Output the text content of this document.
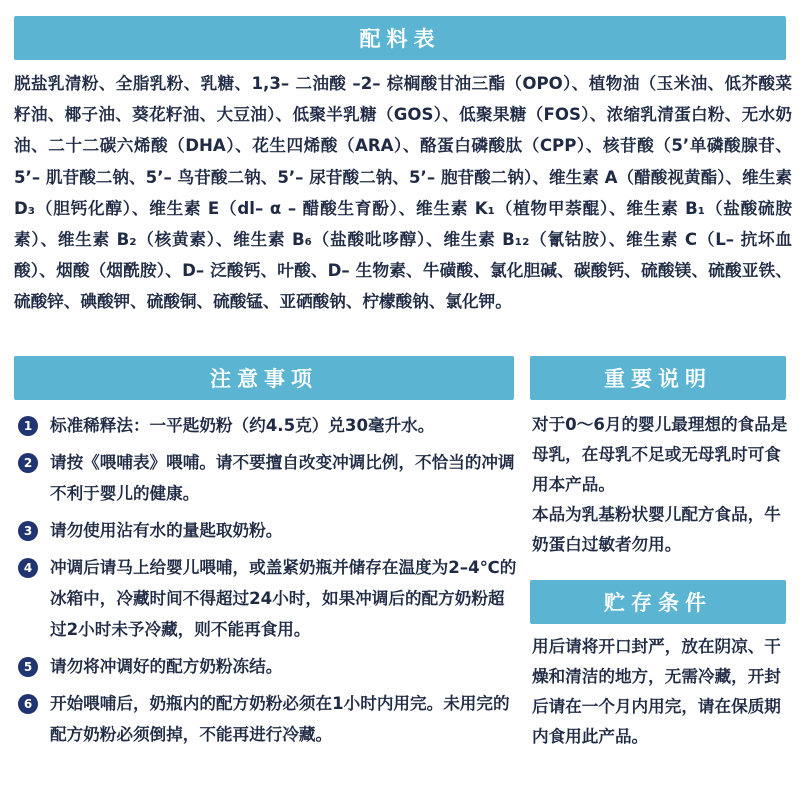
配料表
脱盐乳清粉、全脂乳粉、乳糖、1,3– 二油酸 –2– 棕榈酸甘油三酯（OPO）、植物油（玉米油、低芥酸菜籽油、椰子油、葵花籽油、大豆油）、低聚半乳糖（GOS）、低聚果糖（FOS）、浓缩乳清蛋白粉、无水奶油、二十二碳六烯酸（DHA）、花生四烯酸（ARA）、酪蛋白磷酸肽（CPP）、核苷酸（5’单磷酸腺苷、5’– 肌苷酸二钠、5’– 鸟苷酸二钠、5’– 尿苷酸二钠、5’– 胞苷酸二钠）、维生素 A（醋酸视黄酯）、维生素 D₃（胆钙化醇）、维生素 E（dl– α – 醋酸生育酚）、维生素 K₁（植物甲萘醌）、维生素 B₁（盐酸硫胺素）、维生素 B₂（核黄素）、维生素 B₆（盐酸吡哆醇）、维生素 B₁₂（氰钴胺）、维生素 C（L– 抗坏血酸）、烟酸（烟酰胺）、D– 泛酸钙、叶酸、D– 生物素、牛磺酸、氯化胆碱、碳酸钙、硫酸镁、硫酸亚铁、硫酸锌、碘酸钾、硫酸铜、硫酸锰、亚硒酸钠、柠檬酸钠、氯化钾。
注意事项
1	标准稀释法：一平匙奶粉（约4.5克）兑30毫升水。
2	请按《喂哺表》喂哺。请不要擅自改变冲调比例，不恰当的冲调不利于婴儿的健康。
3	请勿使用沾有水的量匙取奶粉。
4	冲调后请马上给婴儿喂哺，或盖紧奶瓶并储存在温度为2–4℃的冰箱中，冷藏时间不得超过24小时，如果冲调后的配方奶粉超过2小时未予冷藏，则不能再食用。
5	请勿将冲调好的配方奶粉冻结。
6	开始喂哺后，奶瓶内的配方奶粉必须在1小时内用完。未用完的配方奶粉必须倒掉，不能再进行冷藏。
重要说明
对于0～6月的婴儿最理想的食品是母乳，在母乳不足或无母乳时可食用本产品。
本品为乳基粉状婴儿配方食品，牛奶蛋白过敏者勿用。
贮存条件
用后请将开口封严，放在阴凉、干燥和清洁的地方，无需冷藏，开封后请在一个月内用完，请在保质期内食用此产品。
